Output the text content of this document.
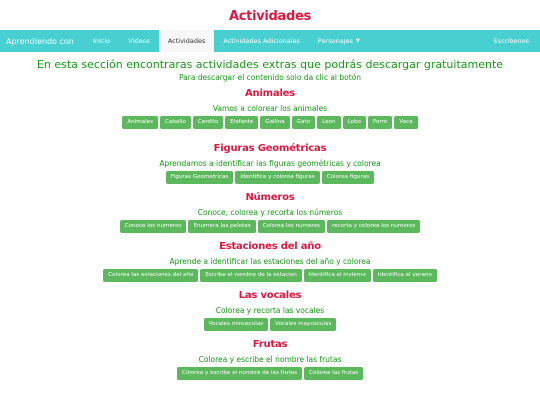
Actividades
Aprendiendo con	Inicio	Videos	Actividades	Actividades Adicionales	Personajes ▼	Escribenos

En esta sección encontraras actividades extras que podrás descargar gratuitamente

Para descargar el contenido solo da clic al botón

Animales

Vamos a colorear los animales

Animales	Caballo	Cerdito	Elefante	Gallina	Gato	Leon	Lobo	Perro	Vaca

Figuras Geométricas

Aprendamos a identificar las figuras geométricas y colorea

Figuras Geometricas	Identifica y colorea figuras	Colorea figuras

Números

Conoce, colorea y recorta los números

Conoce los numeros	Enumera las pelotas	Colorea los numeros	recorta y colorea los numeros

Estaciones del año

Aprende a identificar las estaciones del año y colorea

Colorea las estaciones del año	Escribe el nombre de la estacion	Identifica el invierno	Identifica el verano

Las vocales

Colorea y recorta las vocales

Vocales minusculas	Vocales mayusculas

Frutas

Colorea y escribe el nombre las frutas

Colorea y escribe el nombre de las frutas	Colorea las frutas
